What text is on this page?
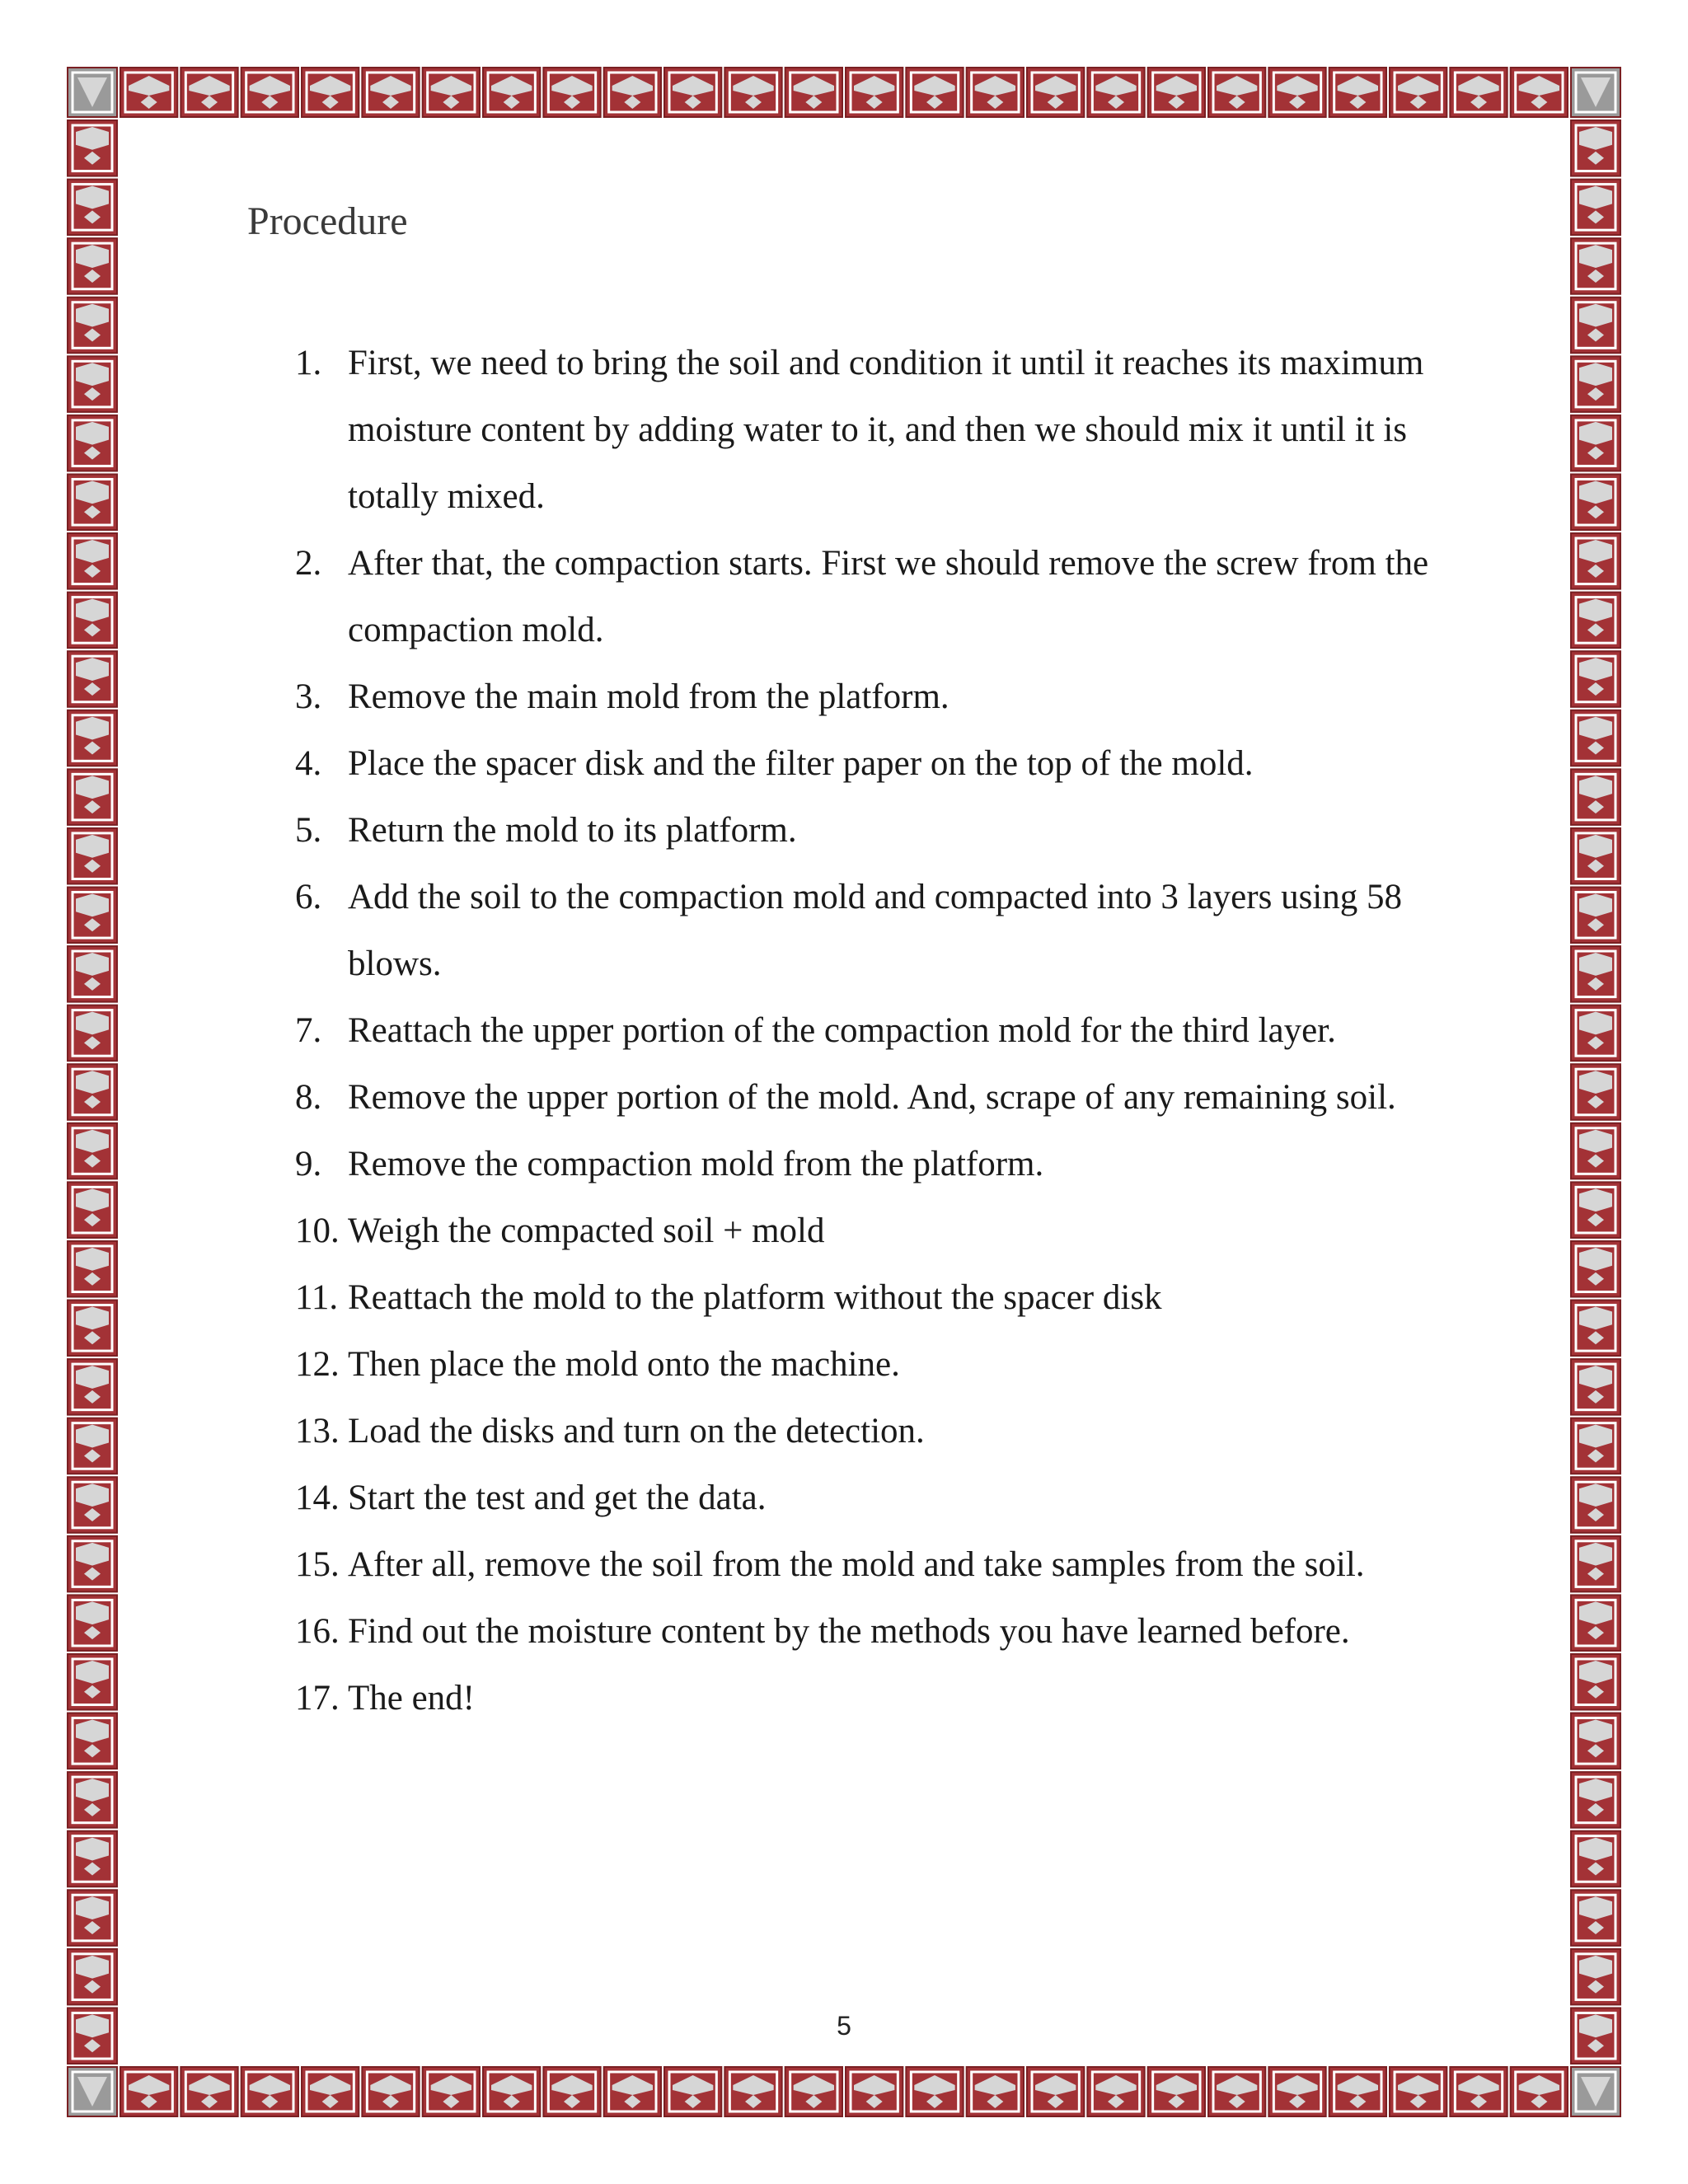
Procedure
1. First, we need to bring the soil and condition it until it reaches its maximum moisture content by adding water to it, and then we should mix it until it is totally mixed.
2. After that, the compaction starts. First we should remove the screw from the compaction mold.
3. Remove the main mold from the platform.
4. Place the spacer disk and the filter paper on the top of the mold.
5. Return the mold to its platform.
6. Add the soil to the compaction mold and compacted into 3 layers using 58 blows.
7. Reattach the upper portion of the compaction mold for the third layer.
8. Remove the upper portion of the mold. And, scrape of any remaining soil.
9. Remove the compaction mold from the platform.
10. Weigh the compacted soil + mold
11. Reattach the mold to the platform without the spacer disk
12. Then place the mold onto the machine.
13. Load the disks and turn on the detection.
14. Start the test and get the data.
15. After all, remove the soil from the mold and take samples from the soil.
16. Find out the moisture content by the methods you have learned before.
17. The end!
5
